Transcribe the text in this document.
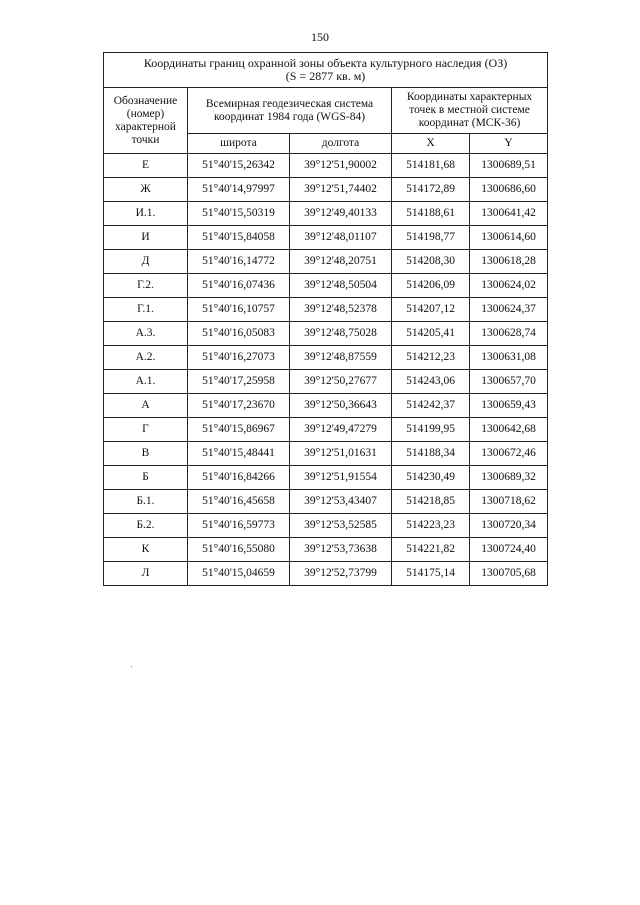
150
Координаты границ охранной зоны объекта культурного наследия (ОЗ)
(S = 2877 кв. м)				

Обозначение (номер) характерной точки	Всемирная геодезическая система координат 1984 года (WGS-84)		Координаты характерных точек в местной системе координат (МСК-36)	
	широта	долгота	X	Y
Е	51°40'15,26342	39°12'51,90002	514181,68	1300689,51
Ж	51°40'14,97997	39°12'51,74402	514172,89	1300686,60
И.1.	51°40'15,50319	39°12'49,40133	514188,61	1300641,42
И	51°40'15,84058	39°12'48,01107	514198,77	1300614,60
Д	51°40'16,14772	39°12'48,20751	514208,30	1300618,28
Г.2.	51°40'16,07436	39°12'48,50504	514206,09	1300624,02
Г.1.	51°40'16,10757	39°12'48,52378	514207,12	1300624,37
А.3.	51°40'16,05083	39°12'48,75028	514205,41	1300628,74
А.2.	51°40'16,27073	39°12'48,87559	514212,23	1300631,08
А.1.	51°40'17,25958	39°12'50,27677	514243,06	1300657,70
А	51°40'17,23670	39°12'50,36643	514242,37	1300659,43
Г	51°40'15,86967	39°12'49,47279	514199,95	1300642,68
В	51°40'15,48441	39°12'51,01631	514188,34	1300672,46
Б	51°40'16,84266	39°12'51,91554	514230,49	1300689,32
Б.1.	51°40'16,45658	39°12'53,43407	514218,85	1300718,62
Б.2.	51°40'16,59773	39°12'53,52585	514223,23	1300720,34
К	51°40'16,55080	39°12'53,73638	514221,82	1300724,40
Л	51°40'15,04659	39°12'52,73799	514175,14	1300705,68
